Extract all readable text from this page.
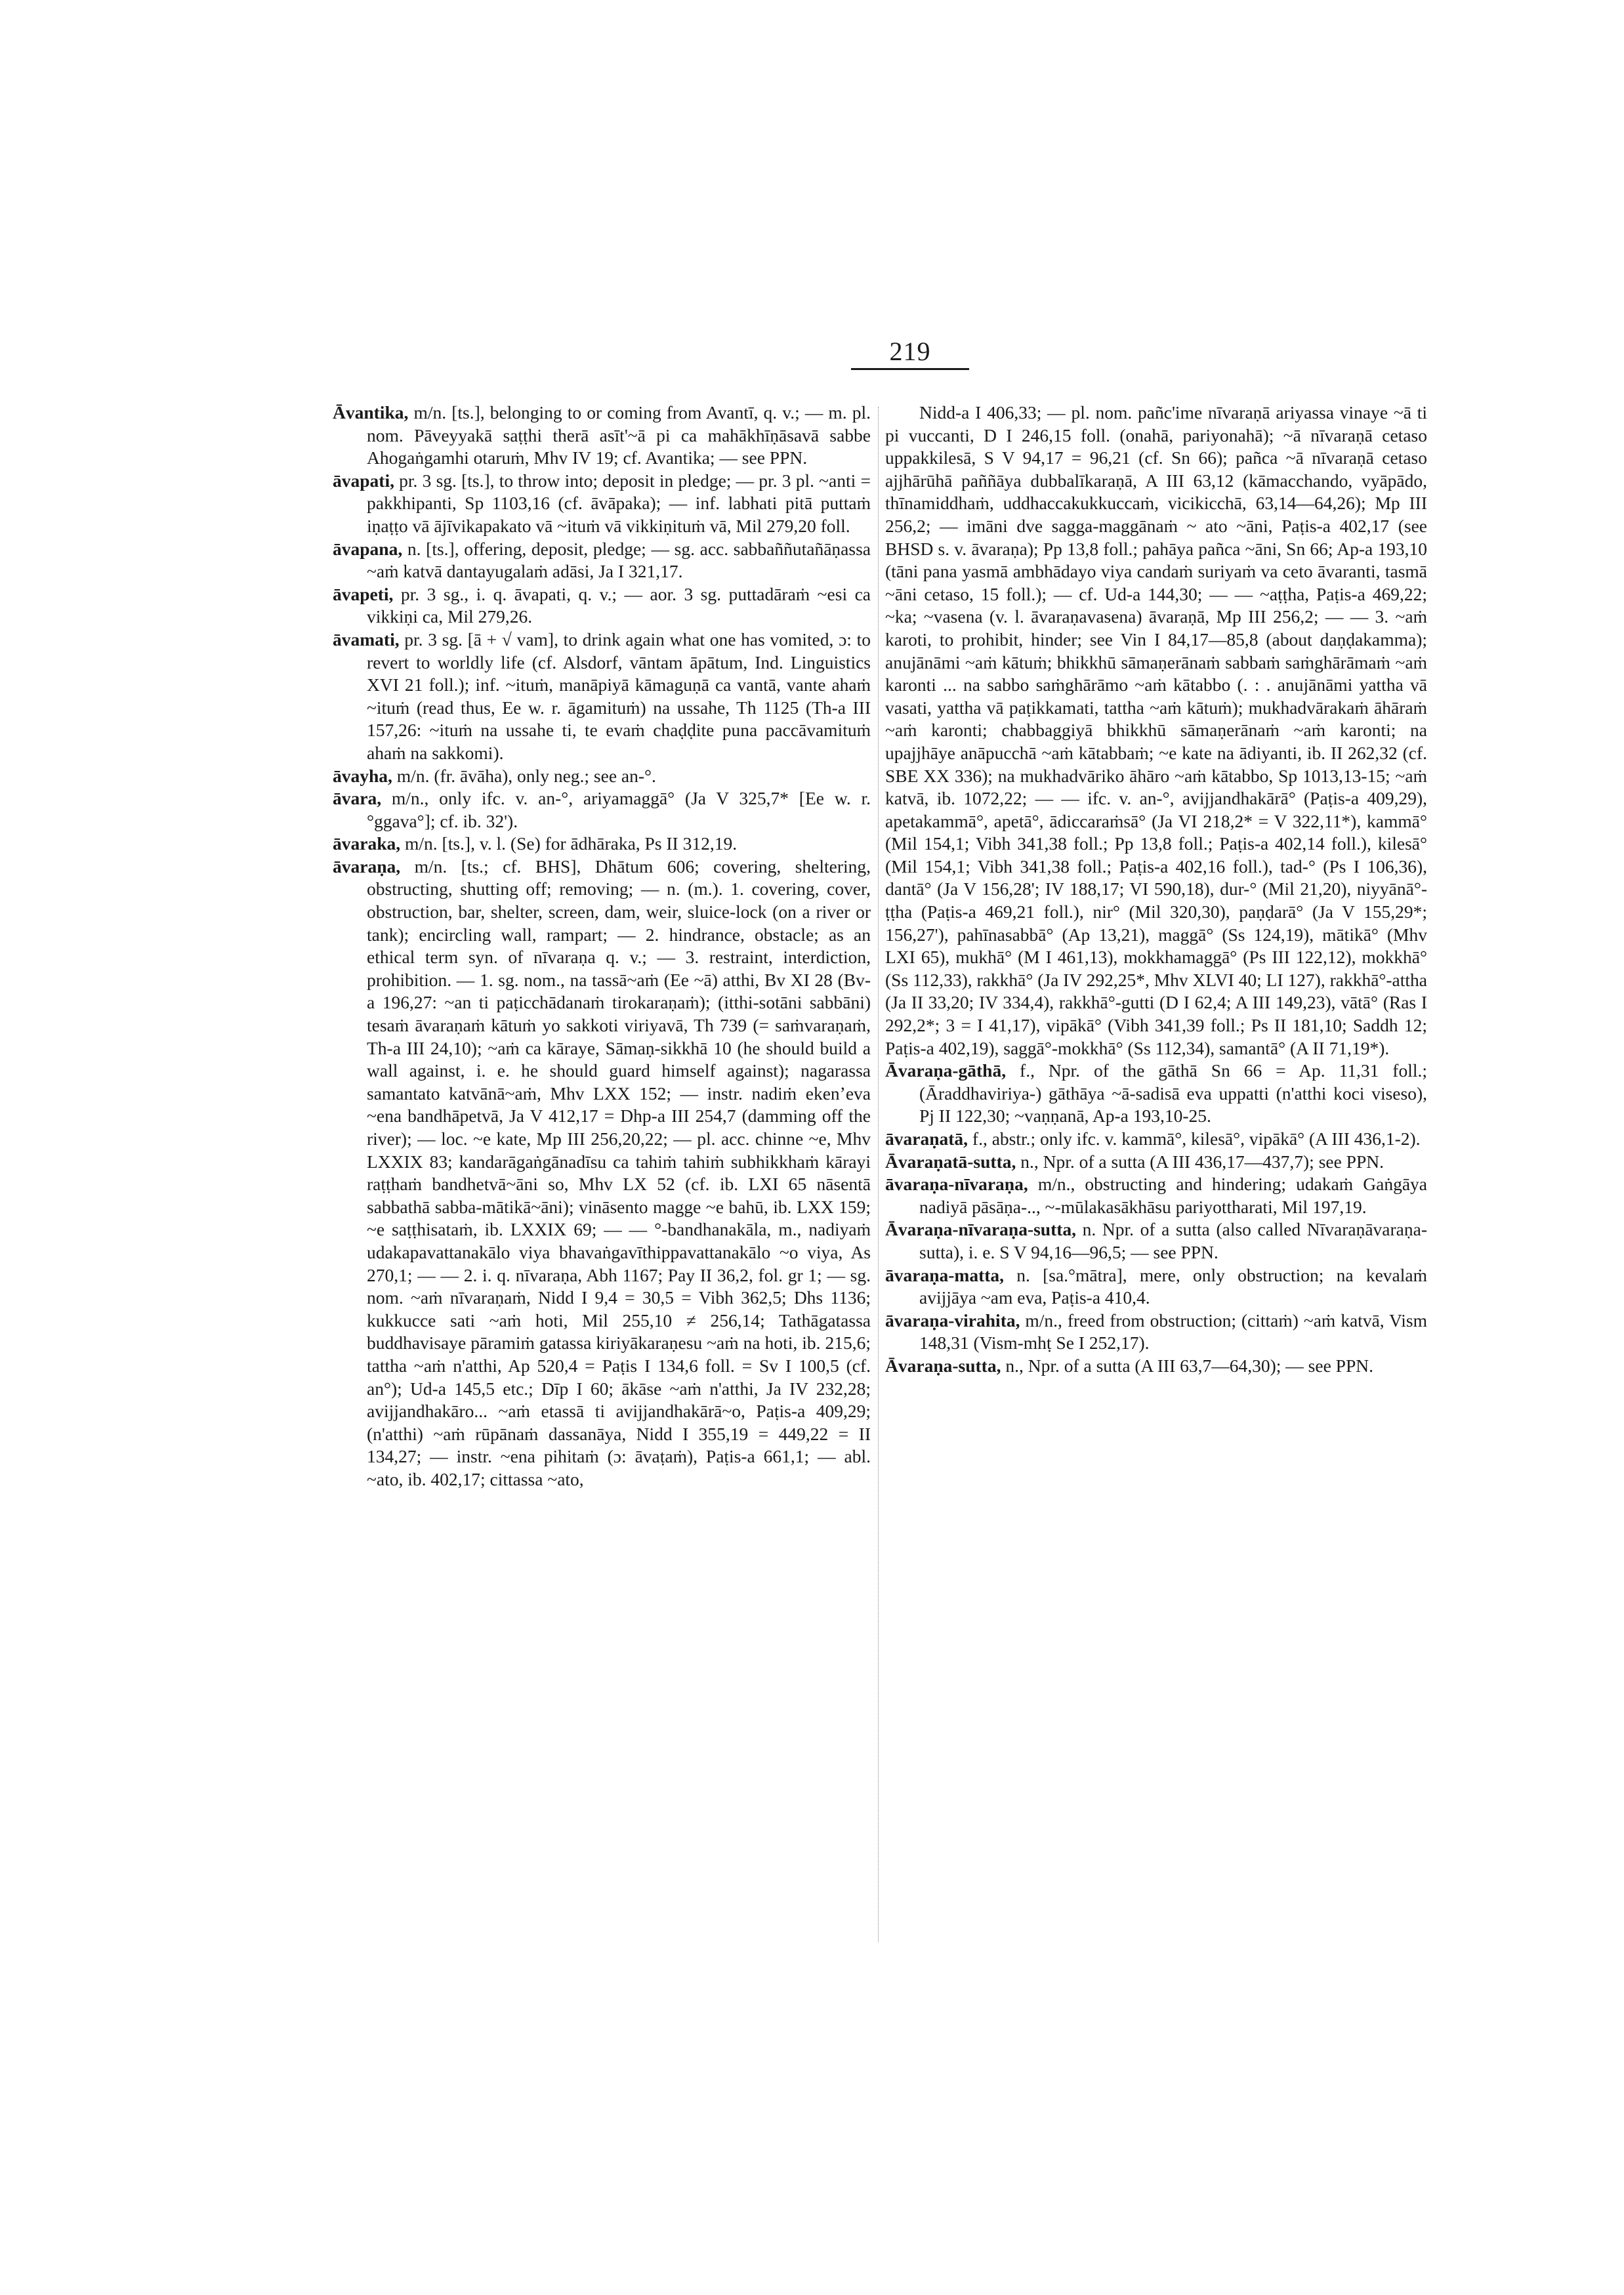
219

Āvantika, m/n. [ts.], belonging to or coming from Avantī, q. v.; — m. pl. nom. Pāveyyakā saṭṭhi therā asīt'~ā pi ca mahākhīṇāsavā sabbe Ahogaṅgamhi otaruṁ, Mhv IV 19; cf. Avantika; — see PPN.

āvapati, pr. 3 sg. [ts.], to throw into; deposit in pledge; — pr. 3 pl. ~anti = pakkhipanti, Sp 1103,16 (cf. āvāpaka); — inf. labhati pitā puttaṁ iṇaṭṭo vā ājīvikapakato vā ~ituṁ vā vikkiṇituṁ vā, Mil 279,20 foll.

āvapana, n. [ts.], offering, deposit, pledge; — sg. acc. sabbaññutañāṇassa ~aṁ katvā dantayugalaṁ adāsi, Ja I 321,17.

āvapeti, pr. 3 sg., i. q. āvapati, q. v.; — aor. 3 sg. puttadāraṁ ~esi ca vikkiṇi ca, Mil 279,26.

āvamati, pr. 3 sg. [ā + √ vam], to drink again what one has vomited, ɔ: to revert to worldly life (cf. Alsdorf, vāntam āpātum, Ind. Linguistics XVI 21 foll.); inf. ~ituṁ, manāpiyā kāmaguṇā ca vantā, vante ahaṁ ~ituṁ (read thus, Ee w. r. āgamituṁ) na ussahe, Th 1125 (Th-a III 157,26: ~ituṁ na ussahe ti, te evaṁ chaḍḍite puna paccāvamituṁ ahaṁ na sakkomi).

āvayha, m/n. (fr. āvāha), only neg.; see an-°.

āvara, m/n., only ifc. v. an-°, ariyamaggā° (Ja V 325,7* [Ee w. r. °ggava°]; cf. ib. 32').

āvaraka, m/n. [ts.], v. l. (Se) for ādhāraka, Ps II 312,19.

āvaraṇa, m/n. [ts.; cf. BHS], Dhātum 606; covering, sheltering, obstructing, shutting off; removing; — n. (m.). 1. covering, cover, obstruction, bar, shelter, screen, dam, weir, sluice-lock (on a river or tank); encircling wall, rampart; — 2. hindrance, obstacle; as an ethical term syn. of nīvaraṇa q. v.; — 3. restraint, interdiction, prohibition. — 1. sg. nom., na tassā~aṁ (Ee ~ā) atthi, Bv XI 28 (Bv-a 196,27: ~an ti paṭicchādanaṁ tirokaraṇaṁ); (itthi-sotāni sabbāni) tesaṁ āvaraṇaṁ kātuṁ yo sakkoti viriyavā, Th 739 (= saṁvaraṇaṁ, Th-a III 24,10); ~aṁ ca kāraye, Sāmaṇ-sikkhā 10 (he should build a wall against, i. e. he should guard himself against); nagarassa samantato katvānā~aṁ, Mhv LXX 152; — instr. nadiṁ ekenʼeva ~ena bandhāpetvā, Ja V 412,17 = Dhp-a III 254,7 (damming off the river); — loc. ~e kate, Mp III 256,20,22; — pl. acc. chinne ~e, Mhv LXXIX 83; kandarāgaṅgānadīsu ca tahiṁ tahiṁ subhikkhaṁ kārayi raṭṭhaṁ bandhetvā~āni so, Mhv LX 52 (cf. ib. LXI 65 nāsentā sabbathā sabba-mātikā~āni); vināsento magge ~e bahū, ib. LXX 159; ~e saṭṭhisataṁ, ib. LXXIX 69; — — °-bandhanakāla, m., nadiyaṁ udakapavattanakālo viya bhavaṅgavīthippavattanakālo ~o viya, As 270,1; — — 2. i. q. nīvaraṇa, Abh 1167; Pay II 36,2, fol. gr 1; — sg. nom. ~aṁ nīvaraṇaṁ, Nidd I 9,4 = 30,5 = Vibh 362,5; Dhs 1136; kukkucce sati ~aṁ hoti, Mil 255,10 ≠ 256,14; Tathāgatassa buddhavisaye pāramiṁ gatassa kiriyākaraṇesu ~aṁ na hoti, ib. 215,6; tattha ~aṁ n'atthi, Ap 520,4 = Paṭis I 134,6 foll. = Sv I 100,5 (cf. an°); Ud-a 145,5 etc.; Dīp I 60; ākāse ~aṁ n'atthi, Ja IV 232,28; avijjandhakāro... ~aṁ etassā ti avijjandhakārā~o, Paṭis-a 409,29; (n'atthi) ~aṁ rūpānaṁ dassanāya, Nidd I 355,19 = 449,22 = II 134,27; — instr. ~ena pihitaṁ (ɔ: āvaṭaṁ), Paṭis-a 661,1; — abl. ~ato, ib. 402,17; cittassa ~ato,

Nidd-a I 406,33; — pl. nom. pañc'ime nīvaraṇā ariyassa vinaye ~ā ti pi vuccanti, D I 246,15 foll. (onahā, pariyonahā); ~ā nīvaraṇā cetaso uppakkilesā, S V 94,17 = 96,21 (cf. Sn 66); pañca ~ā nīvaraṇā cetaso ajjhārūhā paññāya dubbalīkaraṇā, A III 63,12 (kāmacchando, vyāpādo, thīnamiddhaṁ, uddhaccakukkuccaṁ, vicikicchā, 63,14—64,26); Mp III 256,2; — imāni dve sagga-maggānaṁ ~ ato ~āni, Paṭis-a 402,17 (see BHSD s. v. āvaraṇa); Pp 13,8 foll.; pahāya pañca ~āni, Sn 66; Ap-a 193,10 (tāni pana yasmā ambhādayo viya candaṁ suriyaṁ va ceto āvaranti, tasmā ~āni cetaso, 15 foll.); — cf. Ud-a 144,30; — — ~aṭṭha, Paṭis-a 469,22; ~ka; ~vasena (v. l. āvaraṇavasena) āvaraṇā, Mp III 256,2; — — 3. ~aṁ karoti, to prohibit, hinder; see Vin I 84,17—85,8 (about daṇḍakamma); anujānāmi ~aṁ kātuṁ; bhikkhū sāmaṇerānaṁ sabbaṁ saṁghārāmaṁ ~aṁ karonti ... na sabbo saṁghārāmo ~aṁ kātabbo (. : . anujānāmi yattha vā vasati, yattha vā paṭikkamati, tattha ~aṁ kātuṁ); mukhadvārakaṁ āhāraṁ ~aṁ karonti; chabbaggiyā bhikkhū sāmaṇerānaṁ ~aṁ karonti; na upajjhāye anāpucchā ~aṁ kātabbaṁ; ~e kate na ādiyanti, ib. II 262,32 (cf. SBE XX 336); na mukhadvāriko āhāro ~aṁ kātabbo, Sp 1013,13-15; ~aṁ katvā, ib. 1072,22; — — ifc. v. an-°, avijjandhakārā° (Paṭis-a 409,29), apetakammā°, apetā°, ādiccaraṁsā° (Ja VI 218,2* = V 322,11*), kammā° (Mil 154,1; Vibh 341,38 foll.; Pp 13,8 foll.; Paṭis-a 402,14 foll.), kilesā° (Mil 154,1; Vibh 341,38 foll.; Paṭis-a 402,16 foll.), tad-° (Ps I 106,36), dantā° (Ja V 156,28'; IV 188,17; VI 590,18), dur-° (Mil 21,20), niyyānā°-ṭṭha (Paṭis-a 469,21 foll.), nir° (Mil 320,30), paṇḍarā° (Ja V 155,29*; 156,27'), pahīnasabbā° (Ap 13,21), maggā° (Ss 124,19), mātikā° (Mhv LXI 65), mukhā° (M I 461,13), mokkhamaggā° (Ps III 122,12), mokkhā° (Ss 112,33), rakkhā° (Ja IV 292,25*, Mhv XLVI 40; LI 127), rakkhā°-attha (Ja II 33,20; IV 334,4), rakkhā°-gutti (D I 62,4; A III 149,23), vātā° (Ras I 292,2*; 3 = I 41,17), vipākā° (Vibh 341,39 foll.; Ps II 181,10; Saddh 12; Paṭis-a 402,19), saggā°-mokkhā° (Ss 112,34), samantā° (A II 71,19*).

Āvaraṇa-gāthā, f., Npr. of the gāthā Sn 66 = Ap. 11,31 foll.; (Āraddhaviriya-) gāthāya ~ā-sadisā eva uppatti (n'atthi koci viseso), Pj II 122,30; ~vaṇṇanā, Ap-a 193,10-25.

āvaraṇatā, f., abstr.; only ifc. v. kammā°, kilesā°, vipākā° (A III 436,1-2).

Āvaraṇatā-sutta, n., Npr. of a sutta (A III 436,17—437,7); see PPN.

āvaraṇa-nīvaraṇa, m/n., obstructing and hindering; udakaṁ Gaṅgāya nadiyā pāsāṇa-.., ~-mūlakasākhāsu pariyottharati, Mil 197,19.

Āvaraṇa-nīvaraṇa-sutta, n. Npr. of a sutta (also called Nīvaraṇāvaraṇa-sutta), i. e. S V 94,16—96,5; — see PPN.

āvaraṇa-matta, n. [sa.°mātra], mere, only obstruction; na kevalaṁ avijjāya ~am eva, Paṭis-a 410,4.

āvaraṇa-virahita, m/n., freed from obstruction; (cittaṁ) ~aṁ katvā, Vism 148,31 (Vism-mhṭ Se I 252,17).

Āvaraṇa-sutta, n., Npr. of a sutta (A III 63,7—64,30); — see PPN.
